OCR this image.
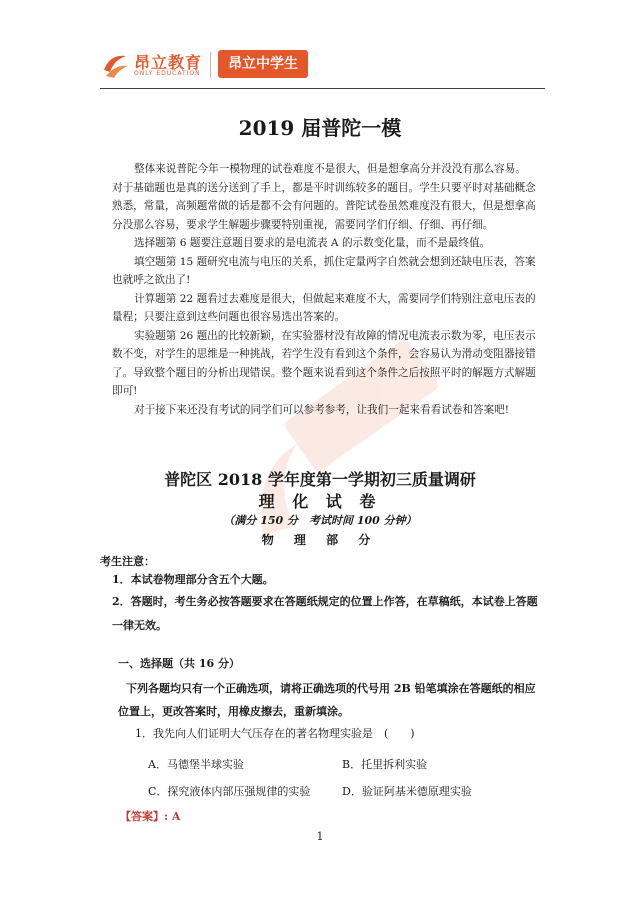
昂立教育
ONLY EDUCATION
昂立中学生
2019 届普陀一模

整体来说普陀今年一模物理的试卷难度不是很大，但是想拿高分并没没有那么容易。对于基础题也是真的送分送到了手上，都是平时训练较多的题目。学生只要平时对基础概念熟悉，常量，高频题常做的话是都不会有问题的。普陀试卷虽然难度没有很大，但是想拿高分没那么容易，要求学生解题步骤要特别重视，需要同学们仔细、仔细、再仔细。

选择题第 6 题要注意题目要求的是电流表 A 的示数变化量，而不是最终值。

填空题第 15 题研究电流与电压的关系，抓住定量两字自然就会想到还缺电压表，答案也就呼之欲出了!

计算题第 22 题看过去难度是很大，但做起来难度不大，需要同学们特别注意电压表的量程；只要注意到这些问题也很容易选出答案的。

实验题第 26 题出的比较新颖，在实验器材没有故障的情况电流表示数为零，电压表示数不变，对学生的思维是一种挑战，若学生没有看到这个条件，会容易认为滑动变阻器接错了。导致整个题目的分析出现错误。整个题来说看到这个条件之后按照平时的解题方式解题即可!

对于接下来还没有考试的同学们可以参考参考，让我们一起来看看试卷和答案吧!

普陀区 2018 学年度第一学期初三质量调研
理 化 试 卷
（满分 150 分　考试时间 100 分钟）
物 理 部 分
考生注意：
1．本试卷物理部分含五个大题。
2．答题时，考生务必按答题要求在答题纸规定的位置上作答，在草稿纸，本试卷上答题一律无效。
一、选择题（共 16 分）
下列各题均只有一个正确选项，请将正确选项的代号用 2B 铅笔填涂在答题纸的相应位置上，更改答案时，用橡皮擦去，重新填涂。
1．我先向人们证明大气压存在的著名物理实验是　(　　)
A．马德堡半球实验	B．托里拆利实验
C．探究液体内部压强规律的实验	D．验证阿基米德原理实验
【答案】: A
1
